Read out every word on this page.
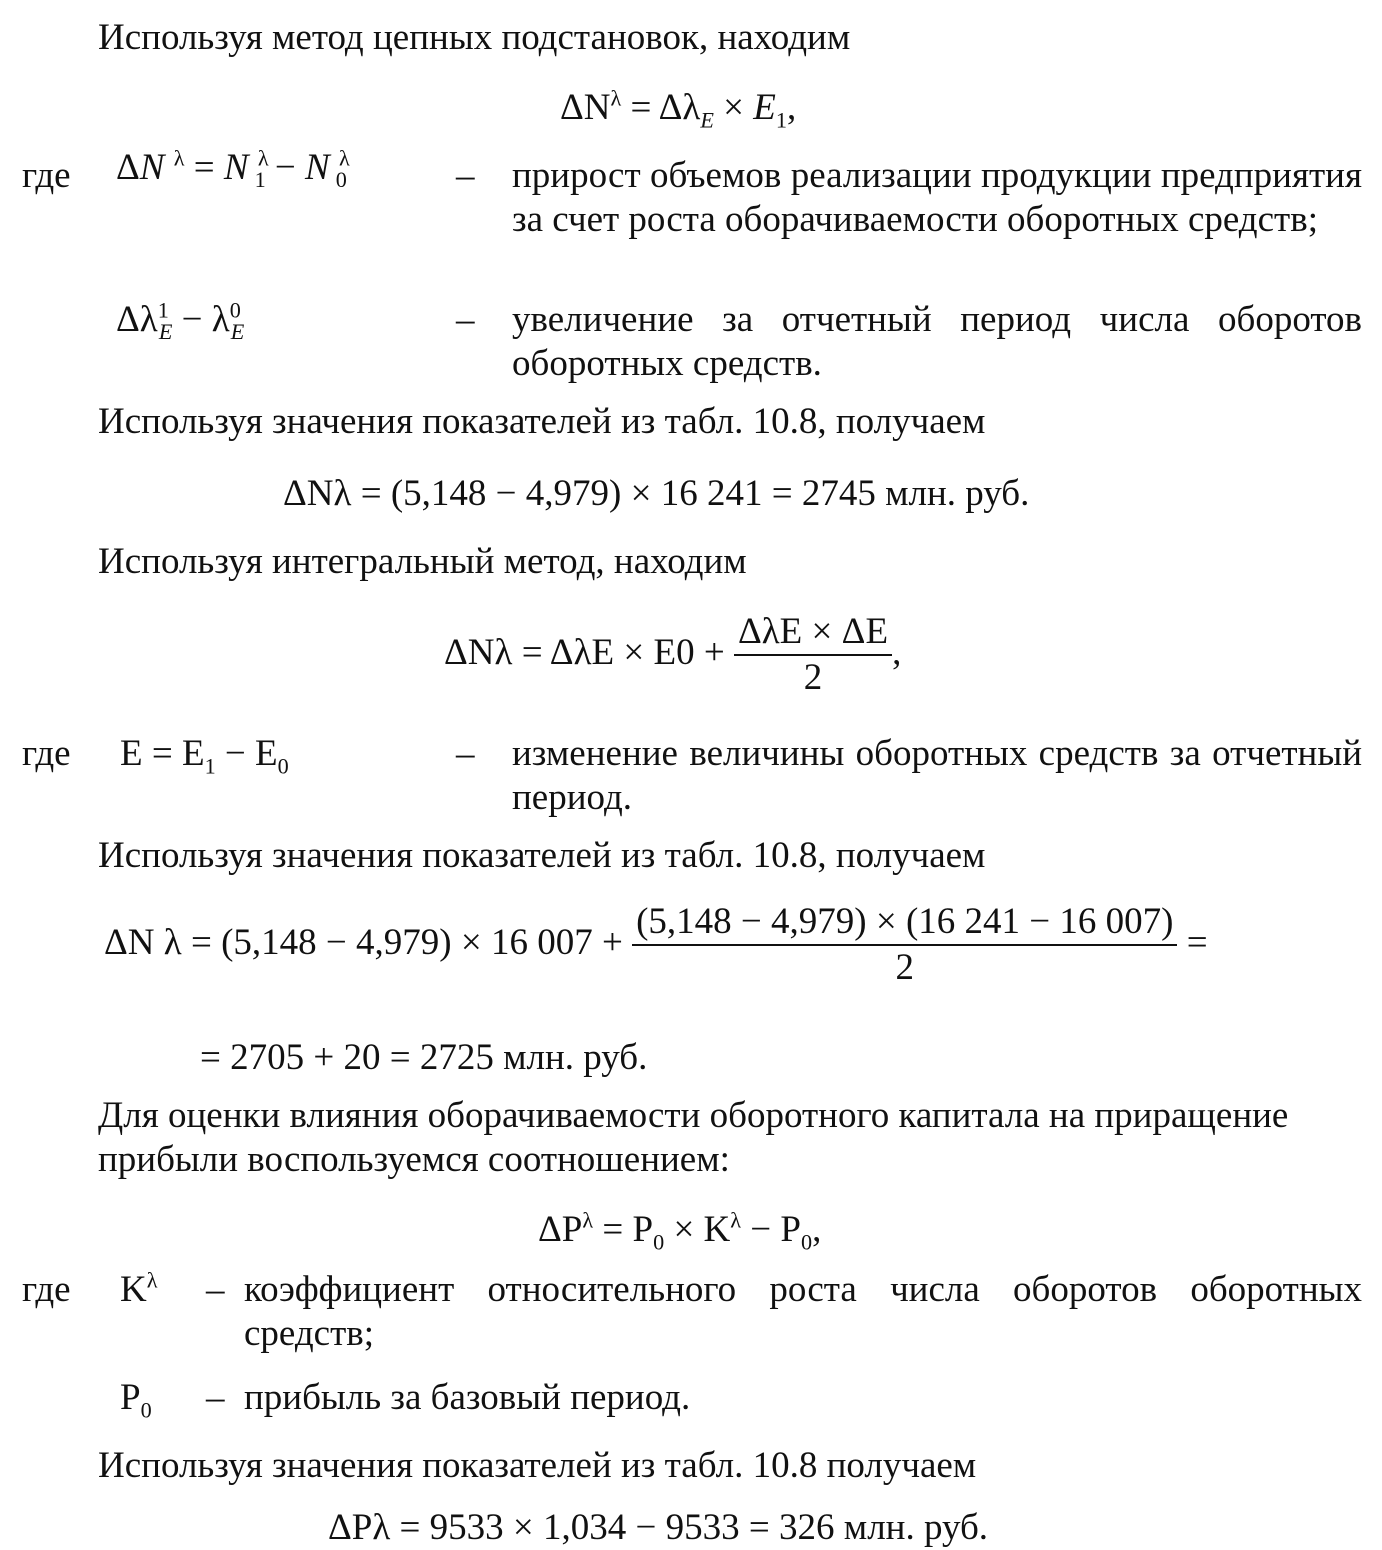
Используя метод цепных подстановок, находим
$\Delta N^\lambda = \Delta\lambda_E \times E_1$,
где ΔN $^\lambda$ = N $^\lambda_1$ − N $^\lambda_0$	– прирост объемов реализации продукции предприятия за счет роста оборачиваемости оборотных средств;
$\Delta\lambda^1_E - \lambda^0_E$	– увеличение за отчетный период числа оборотов оборотных средств.
Используя значения показателей из табл. 10.8, получаем
ΔNλ = (5,148 − 4,979) × 16 241 = 2745 млн. руб.
Используя интегральный метод, находим
$\Delta N\lambda = \Delta\lambda E \times E0 + \frac{\text{ΔλE × ΔE}}{2}$ ,
где $E = E_1 - E_0$	– изменение величины оборотных средств за отчетный период.
Используя значения показателей из табл. 10.8, получаем
ΔN λ = (5,148 − 4,979) × 16 $007 + \frac{(5,148 - 4,979) \times (16 241 - 16 007)}{2}$ =
= 2705 + 20 = 2725 млн. руб.
Для оценки влияния оборачиваемости оборотного капитала на приращение прибыли воспользуемся соотношением:
$\Delta P^\lambda = P_0 \times K^\lambda - P_0$,
где $K^\lambda$ – коэффициент относительного роста числа оборотов оборотных средств;
$P_0$ – прибыль за базовый период.
Используя значения показателей из табл. 10.8 получаем
ΔPλ = 9533 × 1,034 − 9533 = 326 млн. руб.
